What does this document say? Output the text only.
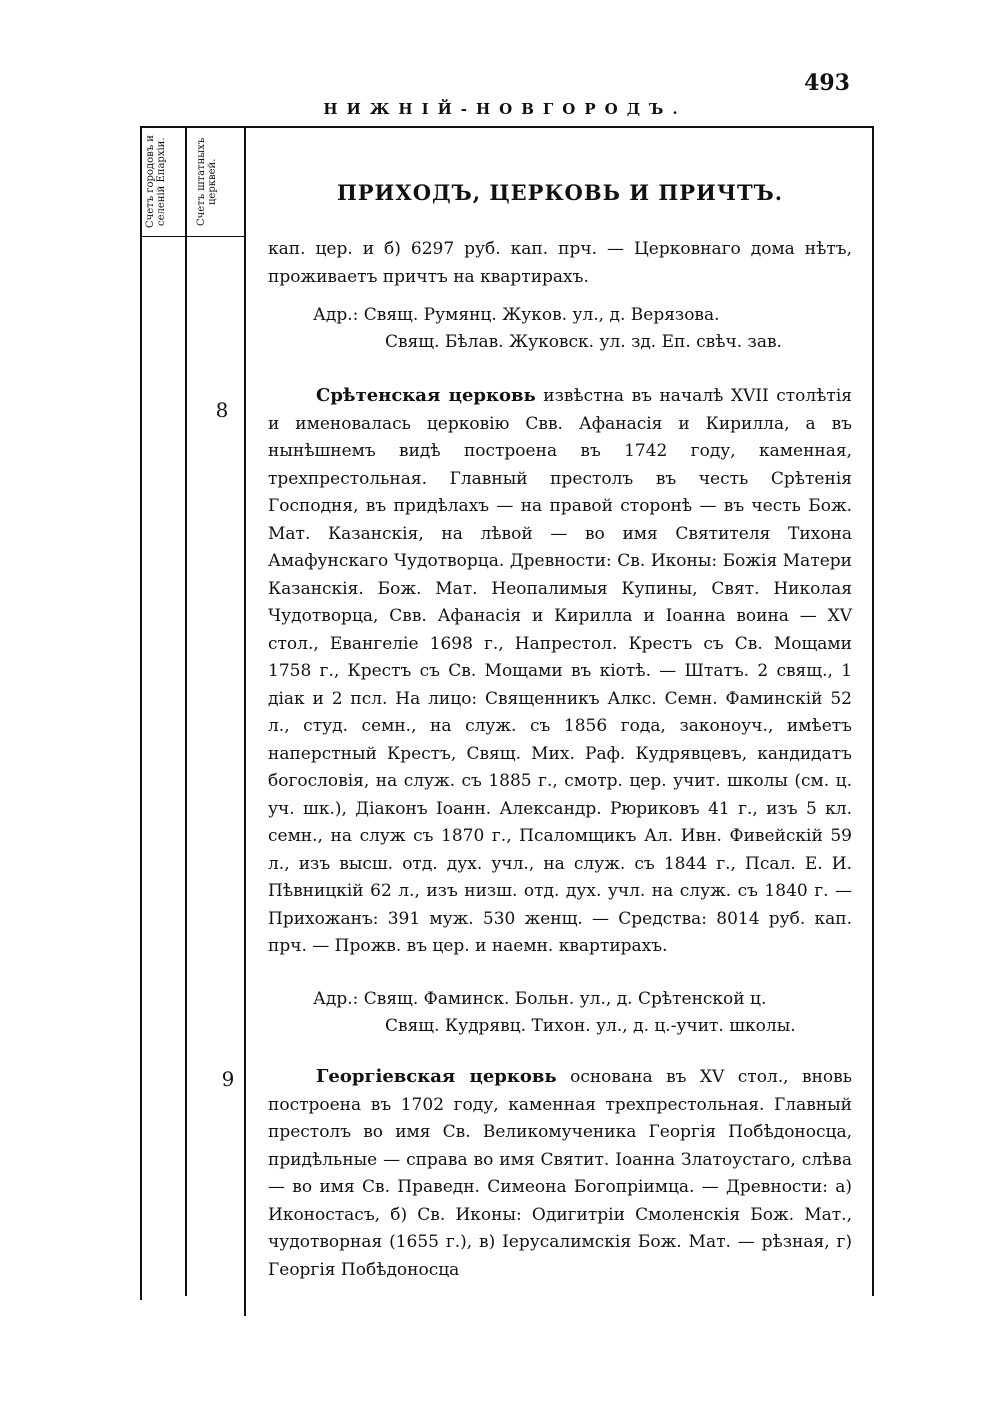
493
НИЖНІЙ-НОВГОРОДЪ.
Счетъ городовъ и селеній Епархіи.	Счетъ штатныхъ церквей.	ПРИХОДЪ, ЦЕРКОВЬ И ПРИЧТЪ.

кап. цер. и б) 6297 руб. кап. прч. — Церковнаго дома нѣтъ, проживаетъ причтъ на квартирахъ.

Адр.: Свящ. Румянц. Жуков. ул., д. Верязова.
Свящ. Бѣлав. Жуковск. ул. зд. Еп. свѣч. зав.
8

Срѣтенская церковь извѣстна въ началѣ XVII столѣтія и именовалась церковію Свв. Афанасія и Кирилла, а въ нынѣшнемъ видѣ построена въ 1742 году, каменная, трехпрестольная. Главный престолъ въ честь Срѣтенія Господня, въ придѣлахъ — на правой сторонѣ — въ честь Бож. Мат. Казанскія, на лѣвой — во имя Святителя Тихона Амафунскаго Чудотворца. Древности: Св. Иконы: Божія Матери Казанскія. Бож. Мат. Неопалимыя Купины, Свят. Николая Чудотворца, Свв. Афанасія и Кирилла и Іоанна воина — XV стол., Евангеліе 1698 г., Напрестол. Крестъ съ Св. Мощами 1758 г., Крестъ съ Св. Мощами въ кіотѣ. — Штатъ. 2 свящ., 1 діак и 2 псл. На лицо: Священникъ Алкс. Семн. Фаминскій 52 л., студ. семн., на служ. съ 1856 года, законоуч., имѣетъ наперстный Крестъ, Свящ. Мих. Раф. Кудрявцевъ, кандидатъ богословія, на служ. съ 1885 г., смотр. цер. учит. школы (см. ц. уч. шк.), Діаконъ Іоанн. Александр. Рюриковъ 41 г., изъ 5 кл. семн., на служ съ 1870 г., Псаломщикъ Ал. Ивн. Фивейскій 59 л., изъ высш. отд. дух. учл., на служ. съ 1844 г., Псал. Е. И. Пѣвницкій 62 л., изъ низш. отд. дух. учл. на служ. съ 1840 г. — Прихожанъ: 391 муж. 530 женщ. — Средства: 8014 руб. кап. прч. — Прожв. въ цер. и наемн. квартирахъ.

Адр.: Свящ. Фаминск. Больн. ул., д. Срѣтенской ц.
Свящ. Кудрявц. Тихон. ул., д. ц.-учит. школы.
9	Георгіевская церковь основана въ XV стол., вновь построена въ 1702 году, каменная трехпрестольная. Главный престолъ во имя Св. Великомученика Георгія Побѣдоносца, придѣльные — справа во имя Святит. Іоанна Златоустаго, слѣва — во имя Св. Праведн. Симеона Богопріимца. — Древности: а) Иконостасъ, б) Св. Иконы: Одигитріи Смоленскія Бож. Мат., чудотворная (1655 г.), в) Іерусалимскія Бож. Мат. — рѣзная, г) Георгія Побѣдоносца
